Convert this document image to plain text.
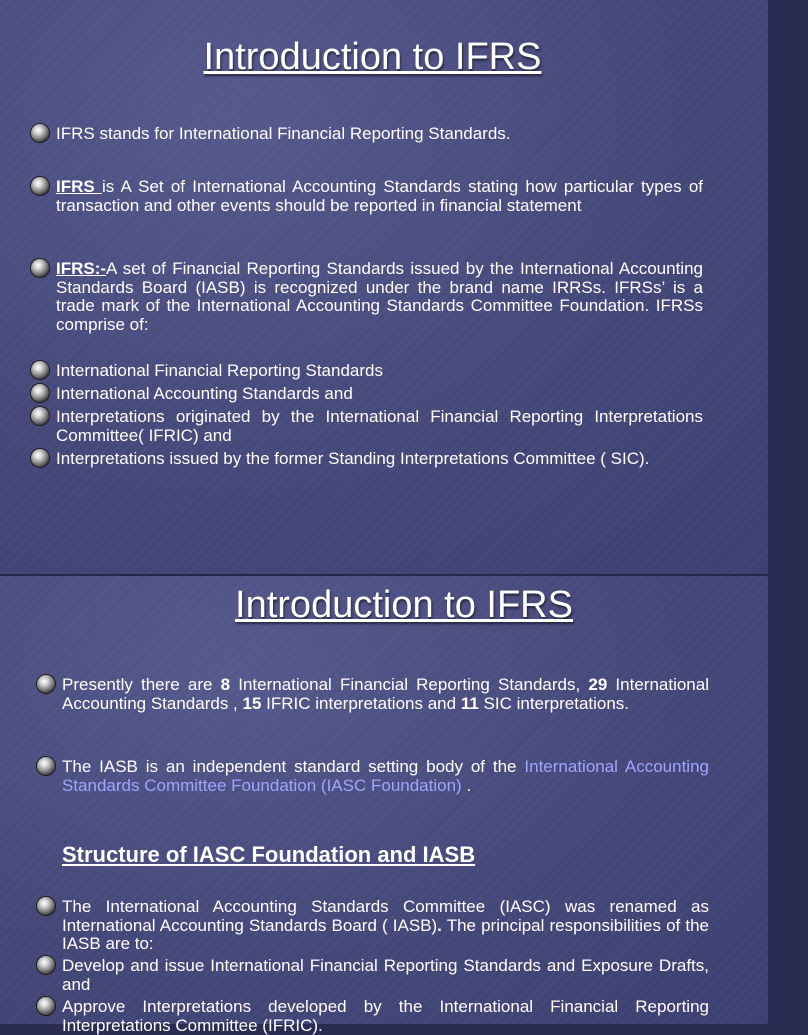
Introduction to IFRS
IFRS stands for International Financial Reporting Standards.
IFRS is A Set of International Accounting Standards stating how particular types of transaction and other events should be reported in financial statement
IFRS:-A set of Financial Reporting Standards issued by the International Accounting Standards Board (IASB) is recognized under the brand name IRRSs. IFRSs’ is a trade mark of the International Accounting Standards Committee Foundation. IFRSs comprise of:
International Financial Reporting Standards
International Accounting Standards and
Interpretations originated by the International Financial Reporting Interpretations Committee( IFRIC) and
Interpretations issued by the former Standing Interpretations Committee ( SIC).
Introduction to IFRS
Presently there are 8 International Financial Reporting Standards, 29 International Accounting Standards , 15 IFRIC interpretations and 11 SIC interpretations.
The IASB is an independent standard setting body of the International Accounting Standards Committee Foundation (IASC Foundation) .
Structure of IASC Foundation and IASB
The International Accounting Standards Committee (IASC) was renamed as International Accounting Standards Board ( IASB). The principal responsibilities of the IASB are to:
Develop and issue International Financial Reporting Standards and Exposure Drafts, and
Approve Interpretations developed by the International Financial Reporting Interpretations Committee (IFRIC).
